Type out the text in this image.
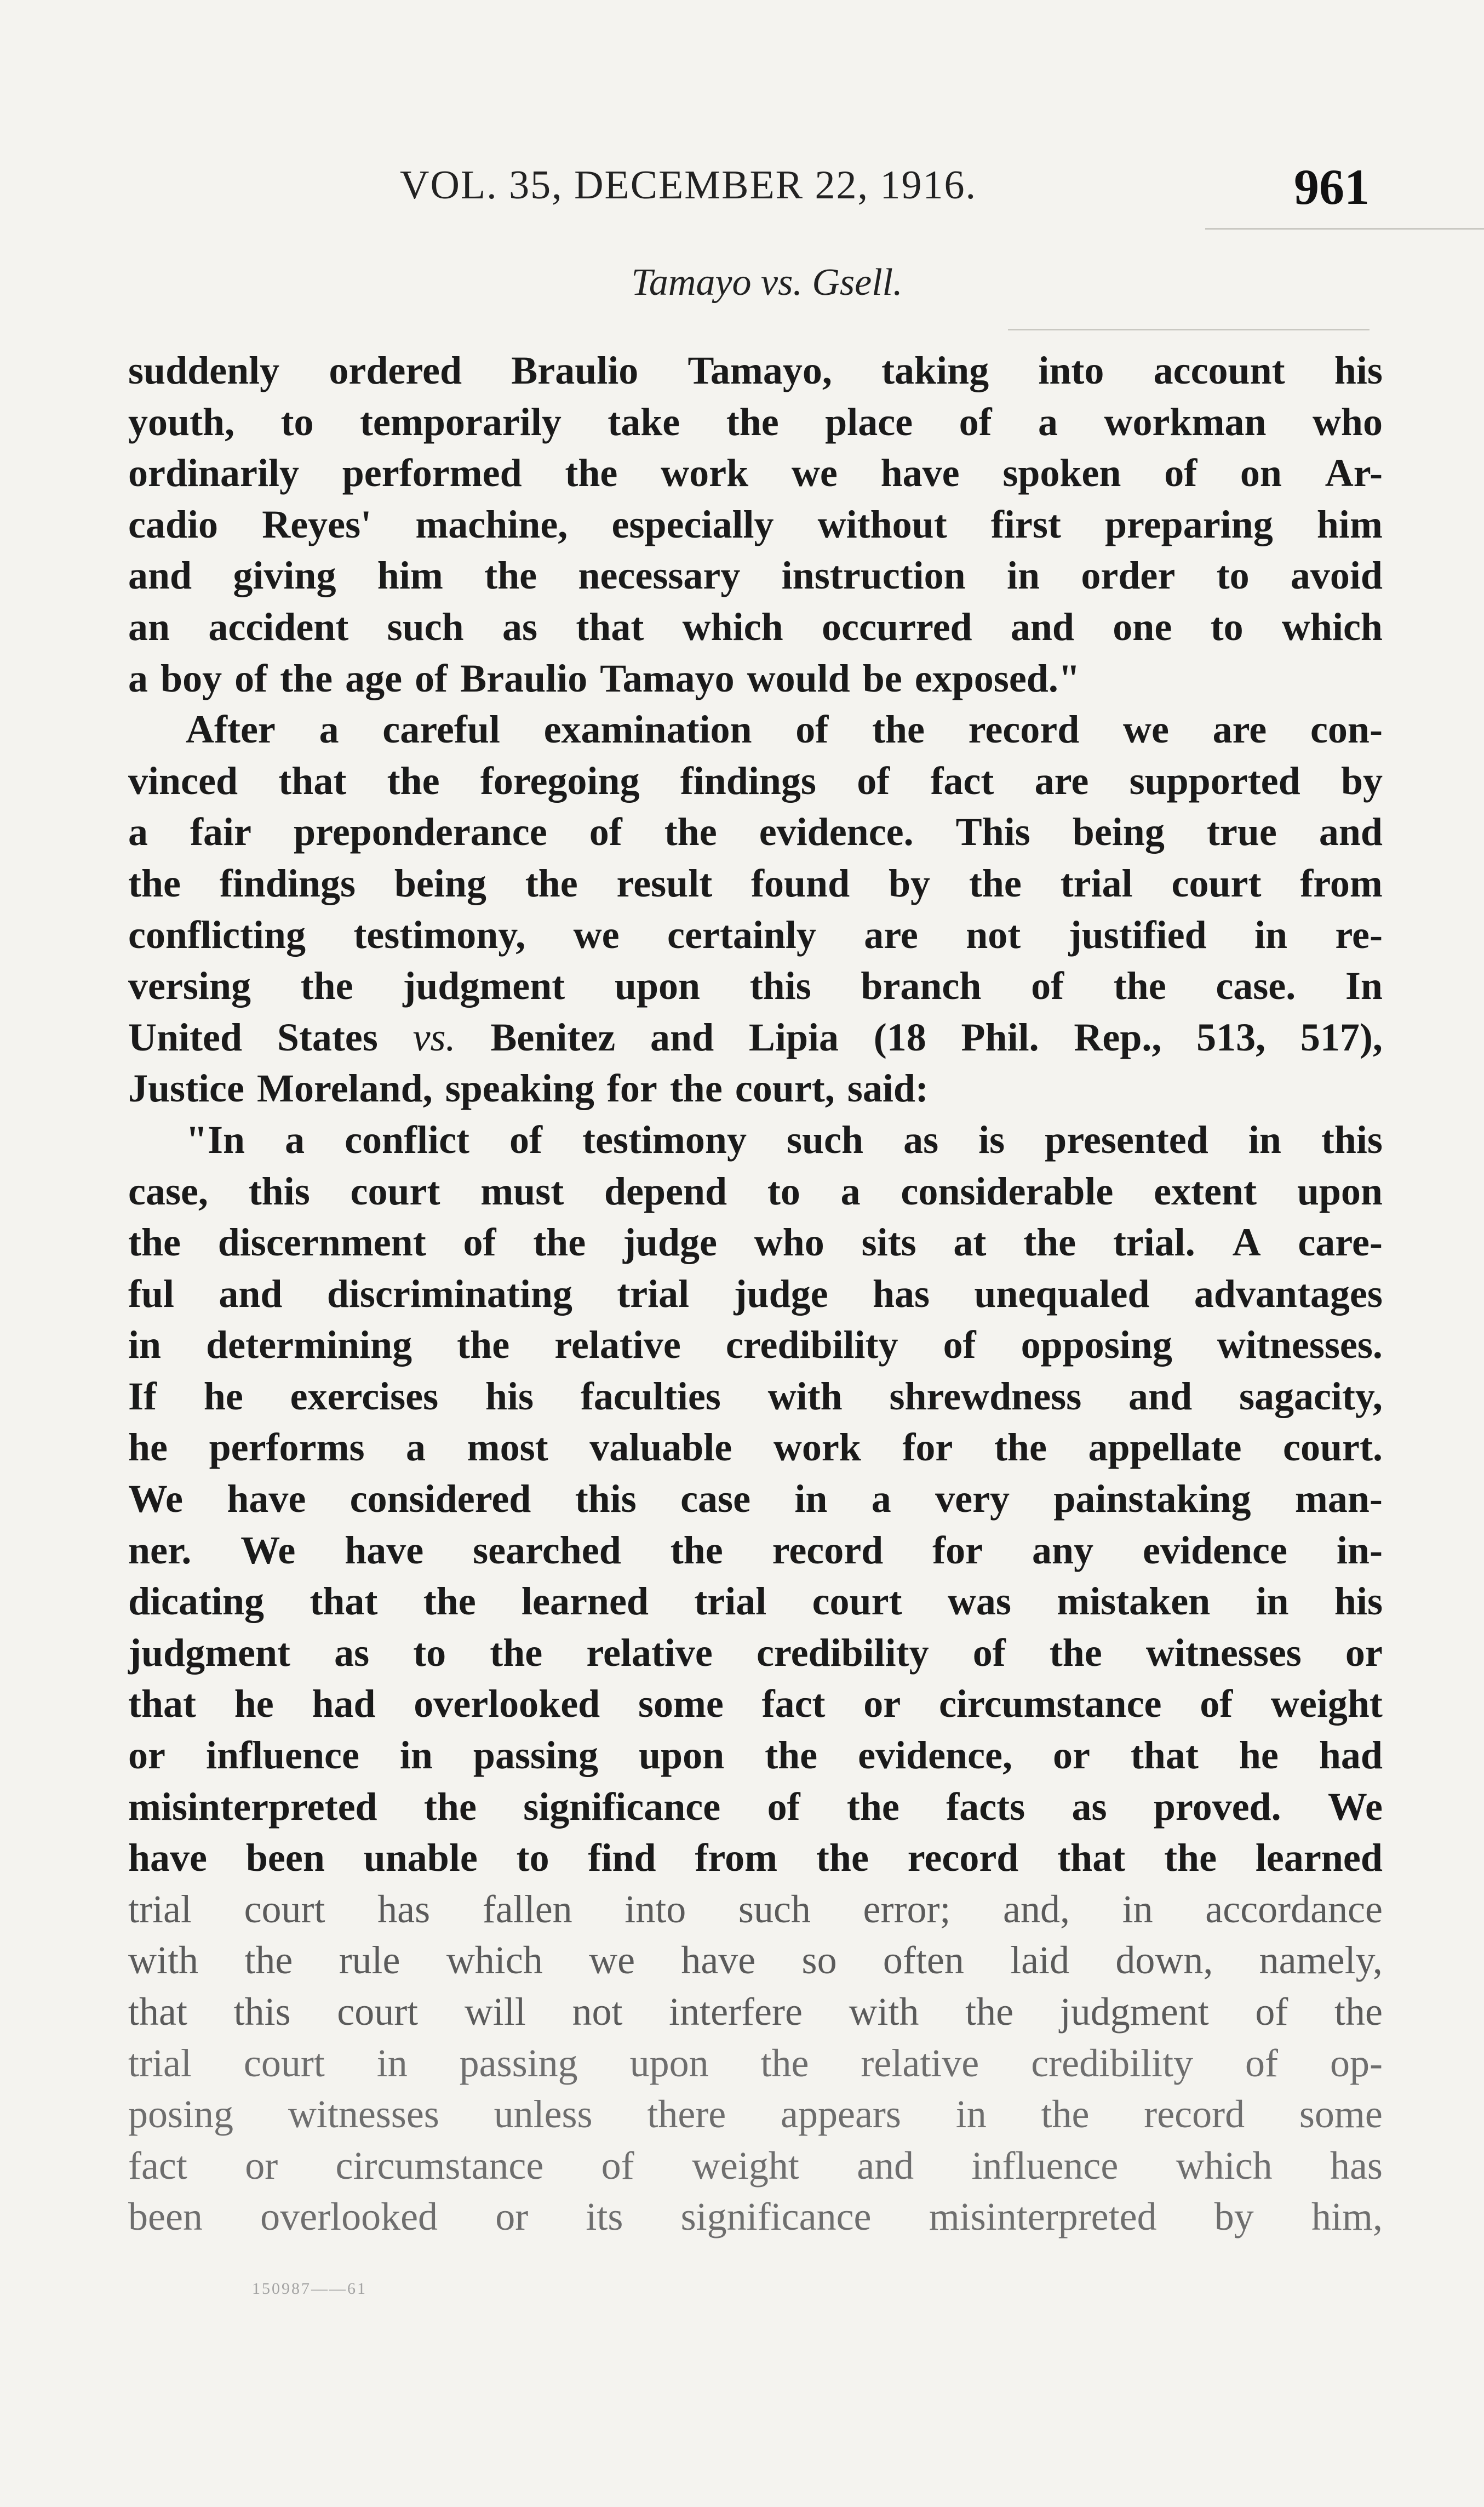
VOL. 35, DECEMBER 22, 1916.	961
Tamayo vs. Gsell.
suddenly ordered Braulio Tamayo, taking into account his
youth, to temporarily take the place of a workman who
ordinarily performed the work we have spoken of on Ar-
cadio Reyes' machine, especially without first preparing him
and giving him the necessary instruction in order to avoid
an accident such as that which occurred and one to which
a boy of the age of Braulio Tamayo would be exposed."
After a careful examination of the record we are con-
vinced that the foregoing findings of fact are supported by
a fair preponderance of the evidence. This being true and
the findings being the result found by the trial court from
conflicting testimony, we certainly are not justified in re-
versing the judgment upon this branch of the case. In
United States vs. Benitez and Lipia (18 Phil. Rep., 513, 517),
Justice Moreland, speaking for the court, said:
"In a conflict of testimony such as is presented in this
case, this court must depend to a considerable extent upon
the discernment of the judge who sits at the trial. A care-
ful and discriminating trial judge has unequaled advantages
in determining the relative credibility of opposing witnesses.
If he exercises his faculties with shrewdness and sagacity,
he performs a most valuable work for the appellate court.
We have considered this case in a very painstaking man-
ner. We have searched the record for any evidence in-
dicating that the learned trial court was mistaken in his
judgment as to the relative credibility of the witnesses or
that he had overlooked some fact or circumstance of weight
or influence in passing upon the evidence, or that he had
misinterpreted the significance of the facts as proved. We
have been unable to find from the record that the learned
trial court has fallen into such error; and, in accordance
with the rule which we have so often laid down, namely,
that this court will not interfere with the judgment of the
trial court in passing upon the relative credibility of op-
posing witnesses unless there appears in the record some
fact or circumstance of weight and influence which has
been overlooked or its significance misinterpreted by him,
150987——61
